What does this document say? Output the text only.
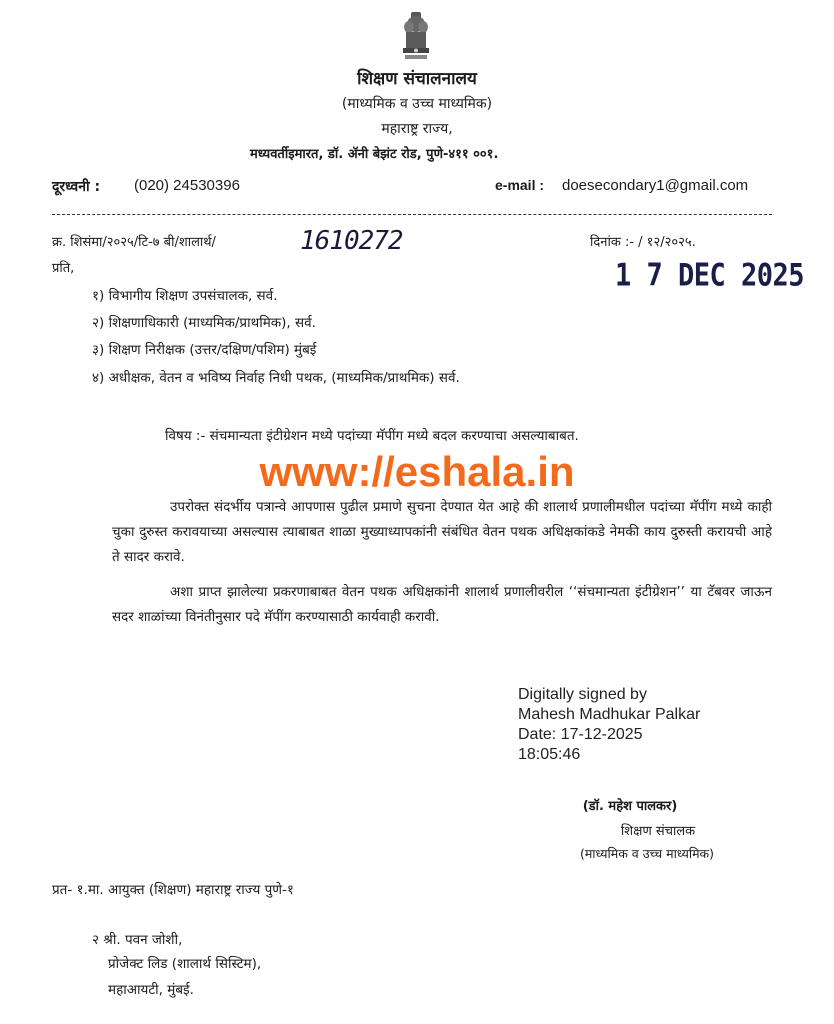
शिक्षण संचालनालय
(माध्यमिक व उच्च माध्यमिक)
महाराष्ट्र राज्य,
मध्यवर्तीइमारत, डॉ. ॲनी बेझंट रोड, पुणे-४११ ००१.
दूरध्वनी : (020) 24530396	e-mail : doesecondary1@gmail.com
क्र. शिसंमा/२०२५/टि-७ बी/शालार्थ/	1610272	दिनांक :- / १२/२०२५.
प्रति,	1 7 DEC 2025
१) विभागीय शिक्षण उपसंचालक, सर्व.
२) शिक्षणाधिकारी (माध्यमिक/प्राथमिक), सर्व.
३) शिक्षण निरीक्षक (उत्तर/दक्षिण/पशिम) मुंबई
४) अधीक्षक, वेतन व भविष्य निर्वाह निधी पथक, (माध्यमिक/प्राथमिक) सर्व.
विषय :- संचमान्यता इंटीग्रेशन मध्ये पदांच्या मॅपींग मध्ये बदल करण्याचा असल्याबाबत.
www://eshala.in
उपरोक्त संदर्भीय पत्रान्वे आपणास पुढील प्रमाणे सुचना देण्यात येत आहे की शालार्थ प्रणालीमधील पदांच्या मॅपींग मध्ये काही चुका दुरुस्त करावयाच्या असल्यास त्याबाबत शाळा मुख्याध्यापकांनी संबंधित वेतन पथक अधिक्षकांकडे नेमकी काय दुरुस्ती करायची आहे ते सादर करावे.
अशा प्राप्त झालेल्या प्रकरणाबाबत वेतन पथक अधिक्षकांनी शालार्थ प्रणालीवरील ‘‘संचमान्यता इंटीग्रेशन’’ या टॅबवर जाऊन सदर शाळांच्या विनंतीनुसार पदे मॅपींग करण्यासाठी कार्यवाही करावी.
Digitally signed by
Mahesh Madhukar Palkar
Date: 17-12-2025
18:05:46
(डॉ. महेश पालकर)
शिक्षण संचालक
(माध्यमिक व उच्च माध्यमिक)
प्रत- १.मा. आयुक्त (शिक्षण) महाराष्ट्र राज्य पुणे-१
२ श्री. पवन जोशी,
प्रोजेक्ट लिड (शालार्थ सिस्टिम),
महाआयटी, मुंबई.
